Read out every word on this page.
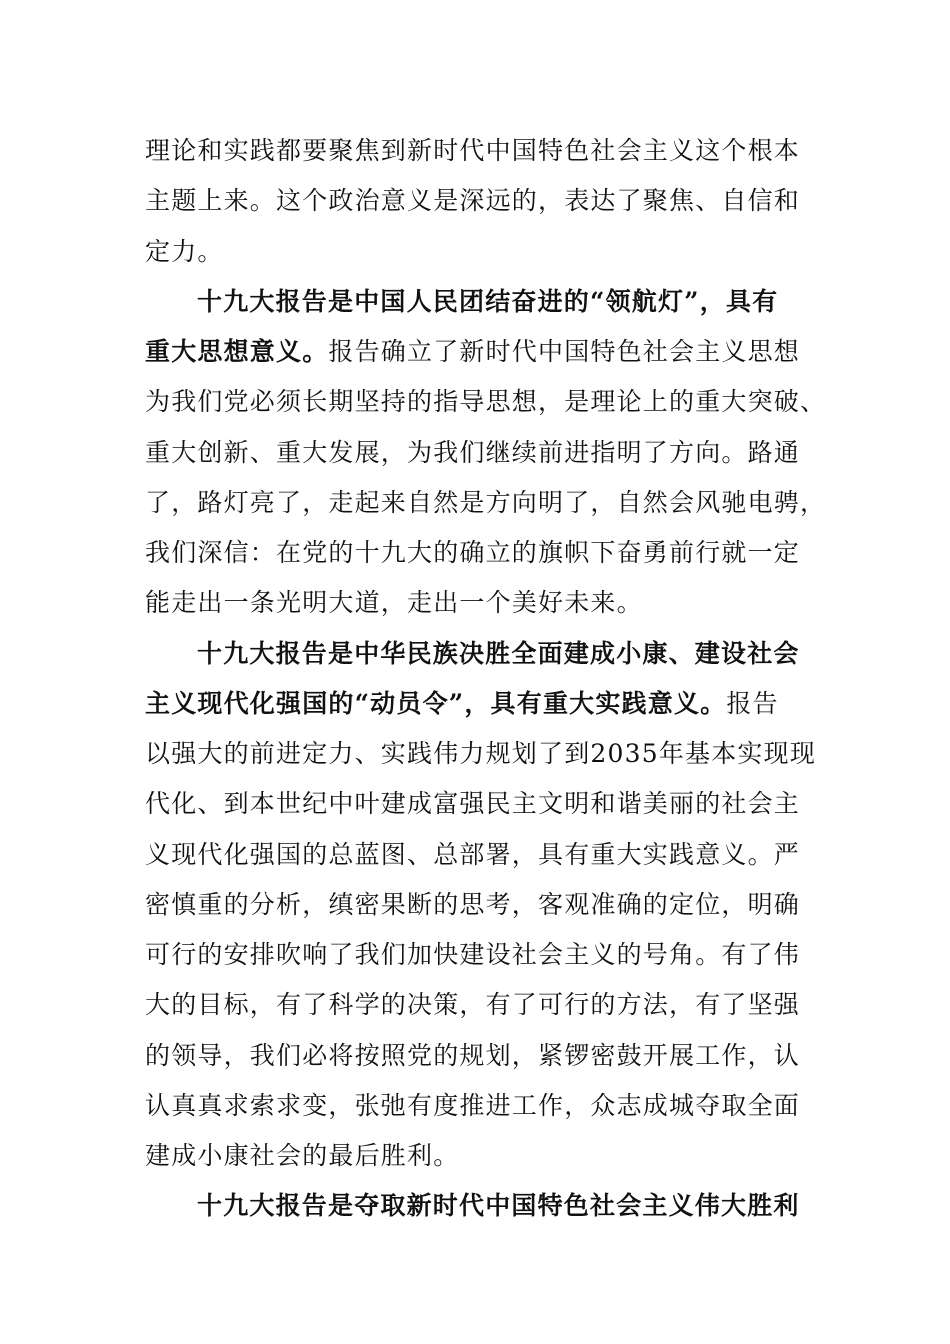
理论和实践都要聚焦到新时代中国特色社会主义这个根本
主题上来。这个政治意义是深远的，表达了聚焦、自信和
定力。
十九大报告是中国人民团结奋进的“领航灯”，具有
重大思想意义。报告确立了新时代中国特色社会主义思想
为我们党必须长期坚持的指导思想，是理论上的重大突破、
重大创新、重大发展，为我们继续前进指明了方向。路通
了，路灯亮了，走起来自然是方向明了，自然会风驰电骋，
我们深信：在党的十九大的确立的旗帜下奋勇前行就一定
能走出一条光明大道，走出一个美好未来。
十九大报告是中华民族决胜全面建成小康、建设社会
主义现代化强国的“动员令”，具有重大实践意义。报告
以强大的前进定力、实践伟力规划了到2035年基本实现现
代化、到本世纪中叶建成富强民主文明和谐美丽的社会主
义现代化强国的总蓝图、总部署，具有重大实践意义。严
密慎重的分析，缜密果断的思考，客观准确的定位，明确
可行的安排吹响了我们加快建设社会主义的号角。有了伟
大的目标，有了科学的决策，有了可行的方法，有了坚强
的领导，我们必将按照党的规划，紧锣密鼓开展工作，认
认真真求索求变，张弛有度推进工作，众志成城夺取全面
建成小康社会的最后胜利。
十九大报告是夺取新时代中国特色社会主义伟大胜利
